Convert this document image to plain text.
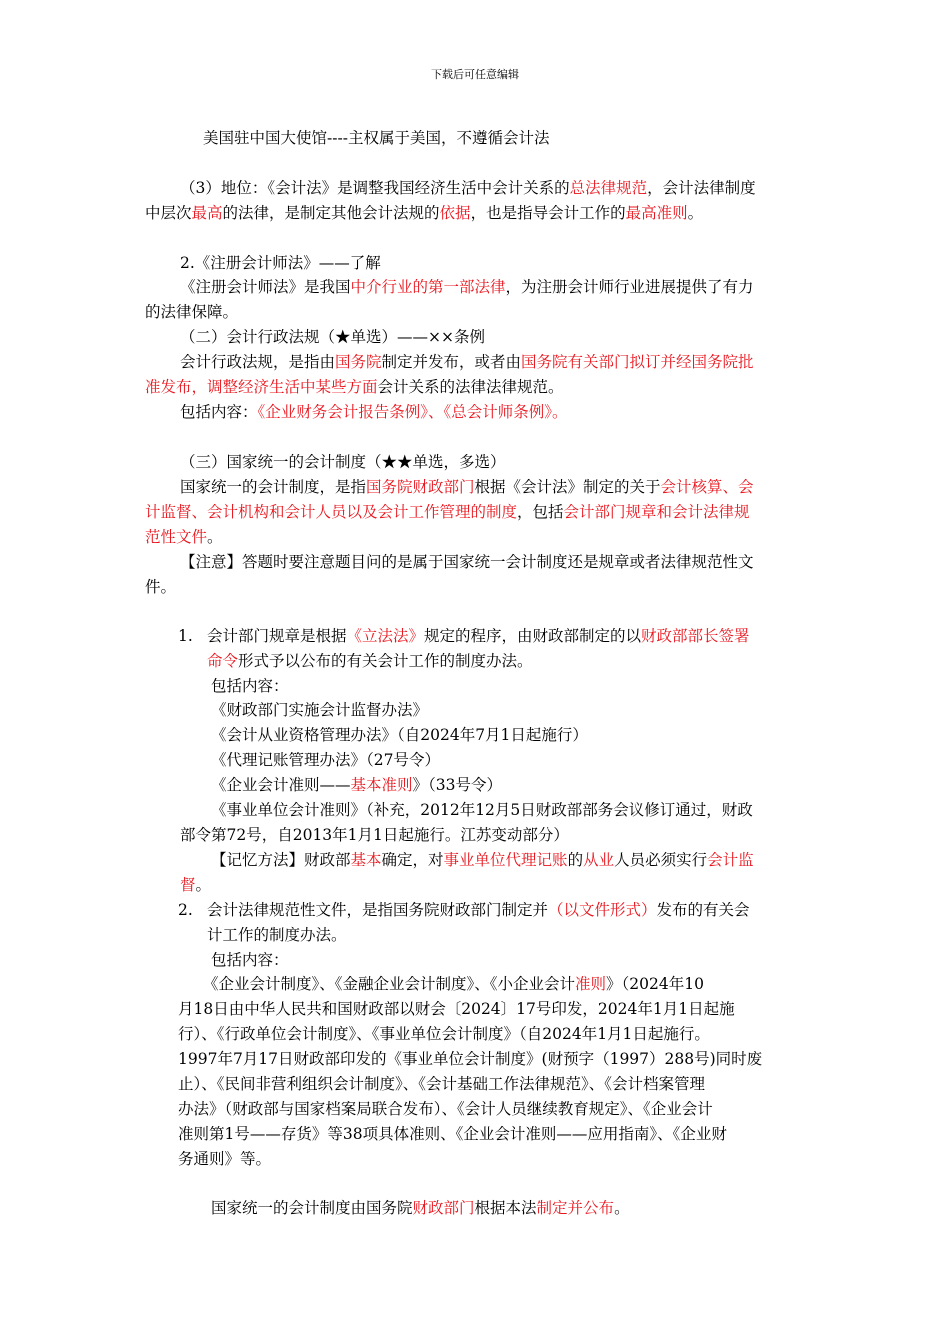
下载后可任意编辑
美国驻中国大使馆----主权属于美国，不遵循会计法
（3）地位：《会计法》是调整我国经济生活中会计关系的总法律规范，会计法律制度
中层次最高的法律，是制定其他会计法规的依据，也是指导会计工作的最高准则。
2.《注册会计师法》——了解
《注册会计师法》是我国中介行业的第一部法律，为注册会计师行业进展提供了有力
的法律保障。
（二）会计行政法规（★单选）——××条例
会计行政法规，是指由国务院制定并发布，或者由国务院有关部门拟订并经国务院批
准发布，调整经济生活中某些方面会计关系的法律法律规范。
包括内容：《企业财务会计报告条例》、《总会计师条例》。
（三）国家统一的会计制度（★★单选，多选）
国家统一的会计制度，是指国务院财政部门根据《会计法》制定的关于会计核算、会
计监督、会计机构和会计人员以及会计工作管理的制度，包括会计部门规章和会计法律规
范性文件。
【注意】答题时要注意题目问的是属于国家统一会计制度还是规章或者法律规范性文
件。
会计部门规章是根据《立法法》规定的程序，由财政部制定的以财政部部长签署
命令形式予以公布的有关会计工作的制度办法。
包括内容：
《财政部门实施会计监督办法》
《会计从业资格管理办法》（自2024年7月1日起施行）
《代理记账管理办法》（27号令）
《企业会计准则——基本准则》（33号令）
《事业单位会计准则》（补充，2012年12月5日财政部部务会议修订通过，财政
部令第72号，自2013年1月1日起施行。江苏变动部分）
【记忆方法】财政部基本确定，对事业单位代理记账的从业人员必须实行会计监
督。
会计法律规范性文件，是指国务院财政部门制定并（以文件形式）发布的有关会
计工作的制度办法。
包括内容：
《企业会计制度》、《金融企业会计制度》、《小企业会计准则》（2024年10
月18日由中华人民共和国财政部以财会〔2024〕17号印发，2024年1月1日起施
行）、《行政单位会计制度》、《事业单位会计制度》（自2024年1月1日起施行。
1997年7月17日财政部印发的《事业单位会计制度》(财预字（1997）288号)同时废
止）、《民间非营利组织会计制度》、《会计基础工作法律规范》、《会计档案管理
办法》（财政部与国家档案局联合发布）、《会计人员继续教育规定》、《企业会计
准则第1号——存货》等38项具体准则、《企业会计准则——应用指南》、《企业财
务通则》等。
国家统一的会计制度由国务院财政部门根据本法制定并公布。
1.
2.
